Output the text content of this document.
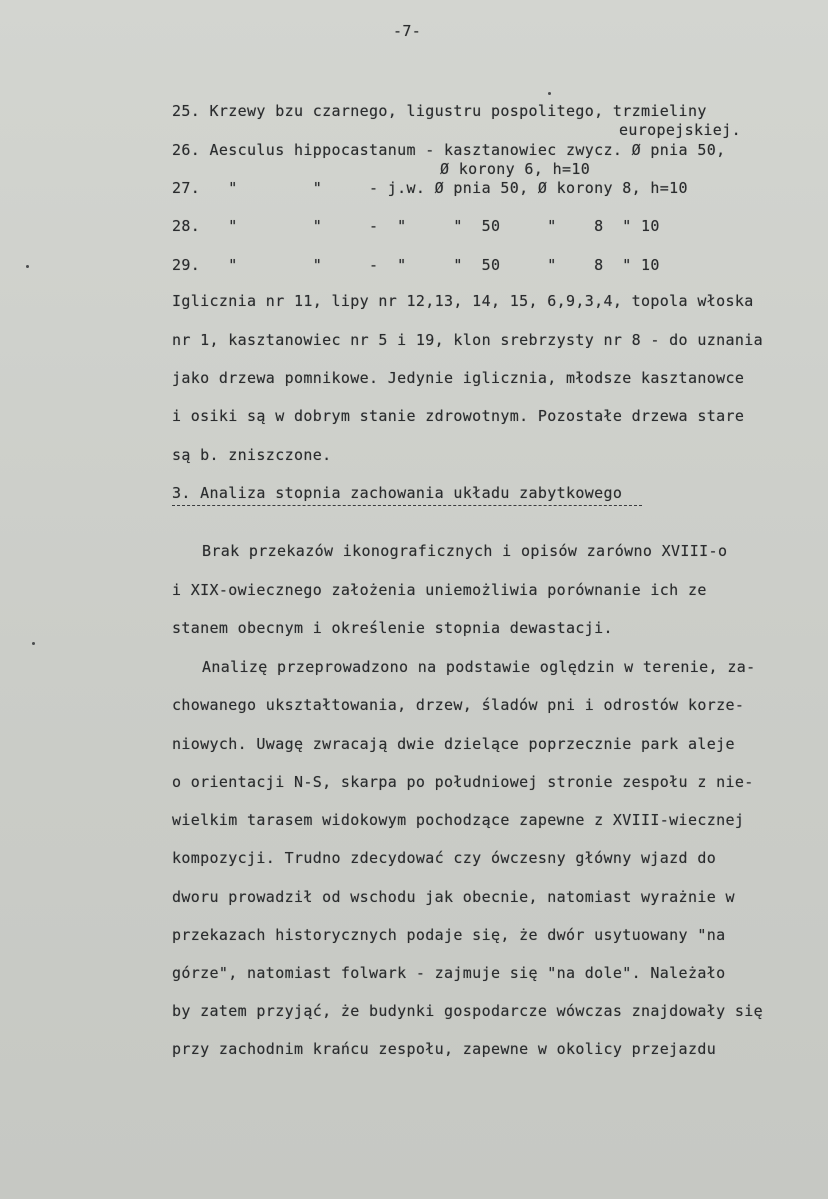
-7-
25. Krzewy bzu czarnego, ligustru pospolitego, trzmieliny
europejskiej.
26. Aesculus hippocastanum - kasztanowiec zwycz. Ø pnia 50,
Ø korony 6, h=10
27.   "        "     - j.w. Ø pnia 50, Ø korony 8, h=10
28.   "        "     -  "     "  50     "    8  " 10
29.   "        "     -  "     "  50     "    8  " 10
Iglicznia nr 11, lipy nr 12,13, 14, 15, 6,9,3,4, topola włoska
nr 1, kasztanowiec nr 5 i 19, klon srebrzysty nr 8 - do uznania
jako drzewa pomnikowe. Jedynie iglicznia, młodsze kasztanowce
i osiki są w dobrym stanie zdrowotnym. Pozostałe drzewa stare
są b. zniszczone.
3. Analiza stopnia zachowania układu zabytkowego
Brak przekazów ikonograficznych i opisów zarówno XVIII-o
i XIX-owiecznego założenia uniemożliwia porównanie ich ze
stanem obecnym i określenie stopnia dewastacji.
Analizę przeprowadzono na podstawie oględzin w terenie, za-
chowanego ukształtowania, drzew, śladów pni i odrostów korze-
niowych. Uwagę zwracają dwie dzielące poprzecznie park aleje
o orientacji N-S, skarpa po południowej stronie zespołu z nie-
wielkim tarasem widokowym pochodzące zapewne z XVIII-wiecznej
kompozycji. Trudno zdecydować czy ówczesny główny wjazd do
dworu prowadził od wschodu jak obecnie, natomiast wyrażnie w
przekazach historycznych podaje się, że dwór usytuowany "na
górze", natomiast folwark - zajmuje się "na dole". Należało
by zatem przyjąć, że budynki gospodarcze wówczas znajdowały się
przy zachodnim krańcu zespołu, zapewne w okolicy przejazdu
